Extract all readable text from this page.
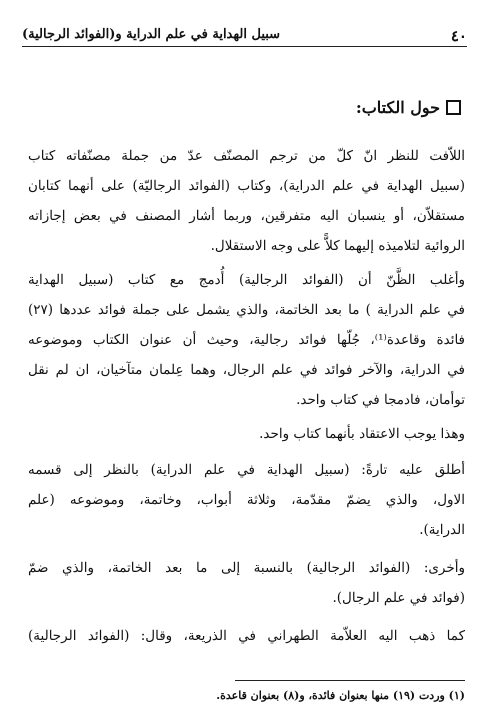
٤٠
سبيل الهداية في علم الدراية و(الفوائد الرجالية)
حول الكتاب:
اللاّفت للنظر انّ كلّ من ترجم المصنّف عدّ من جملة مصنّفاته كتاب
(سبيل الهداية في علم الدراية)، وكتاب (الفوائد الرجاليّة) على أنهما كتابان
مستقلاّن، أو ينسبان اليه متفرقين، وربما أشار المصنف في بعض إجازاته
الروائية لتلاميذه إليهما كلاًّ على وجه الاستقلال.
وأغلب الظَّنّ أن (الفوائد الرجالية) أُدمج مع كتاب (سبيل الهداية
في علم الدراية ) ما بعد الخاتمة، والذي يشمل على جملة فوائد عددها (٢٧)
فائدة وقاعدة⁽¹⁾، جُلّها فوائد رجالية، وحيث أن عنوان الكتاب وموضوعه
في الدراية، والآخر فوائد في علم الرجال، وهما عِلمان متآخيان، ان لم نقل
توأمان، فادمجا في كتاب واحد.
وهذا يوجب الاعتقاد بأنهما كتاب واحد.
أطلق عليه تارةً: (سبيل الهداية في علم الدراية) بالنظر إلى قسمه
الاول، والذي يضمّ مقدّمة، وثلاثة أبواب، وخاتمة، وموضوعه (علم
الدراية).
وأخرى: (الفوائد الرجالية) بالنسبة إلى ما بعد الخاتمة، والذي ضمّ
(فوائد في علم الرجال).
كما ذهب اليه العلاّمة الطهراني في الذريعة، وقال: (الفوائد الرجالية)
(١) وردت (١٩) منها بعنوان فائدة، و(٨) بعنوان قاعدة.
